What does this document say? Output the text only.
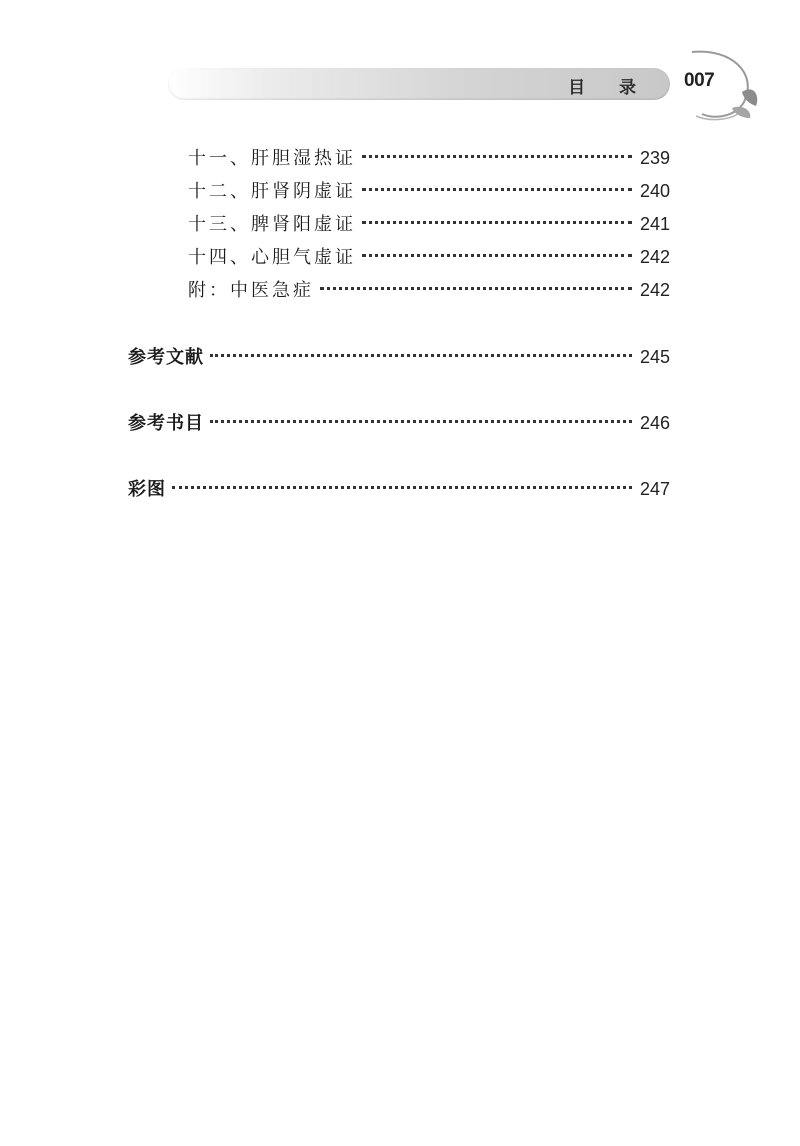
目 录 007
十一、肝胆湿热证	239
十二、肝肾阴虚证	240
十三、脾肾阳虚证	241
十四、心胆气虚证	242
附：中医急症	242
参考文献	245
参考书目	246
彩图	247
